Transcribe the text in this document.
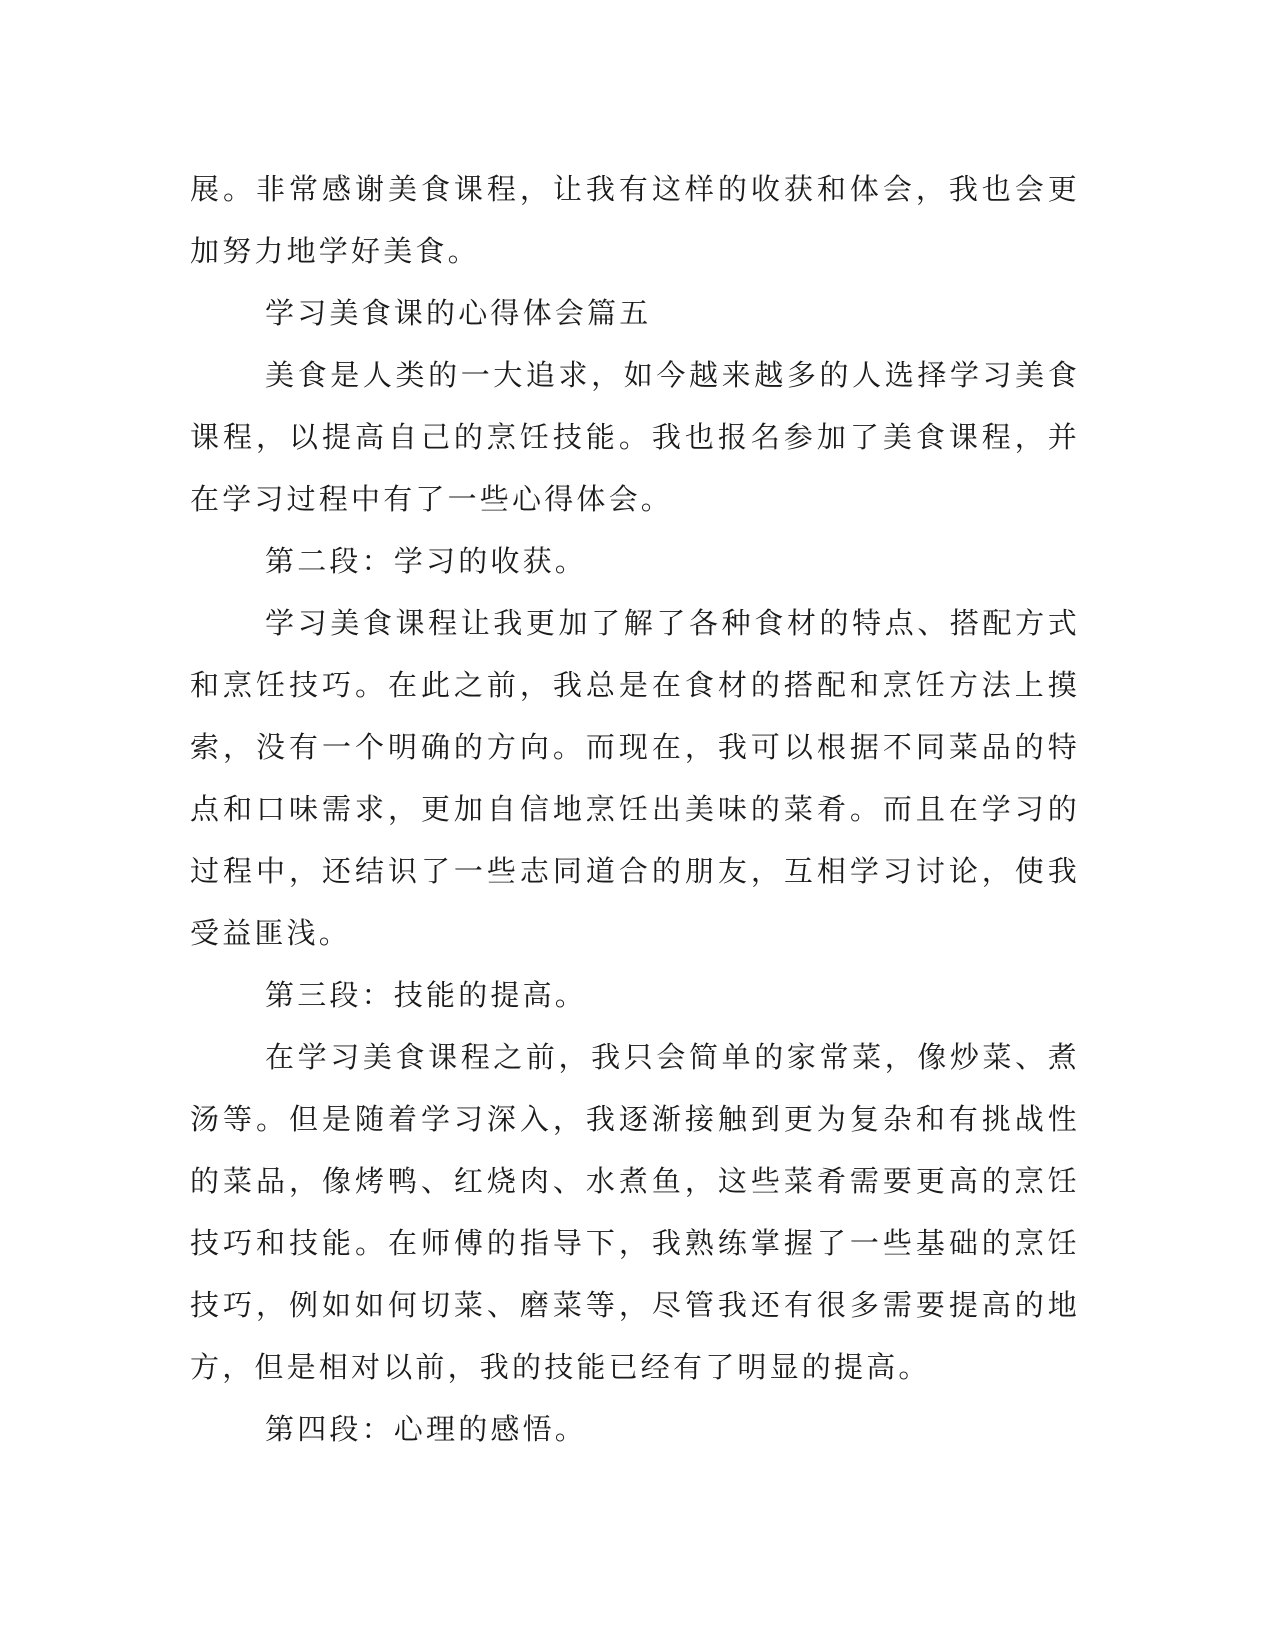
展。非常感谢美食课程，让我有这样的收获和体会，我也会更加努力地学好美食。

学习美食课的心得体会篇五

美食是人类的一大追求，如今越来越多的人选择学习美食课程，以提高自己的烹饪技能。我也报名参加了美食课程，并在学习过程中有了一些心得体会。

第二段：学习的收获。

学习美食课程让我更加了解了各种食材的特点、搭配方式和烹饪技巧。在此之前，我总是在食材的搭配和烹饪方法上摸索，没有一个明确的方向。而现在，我可以根据不同菜品的特点和口味需求，更加自信地烹饪出美味的菜肴。而且在学习的过程中，还结识了一些志同道合的朋友，互相学习讨论，使我受益匪浅。

第三段：技能的提高。

在学习美食课程之前，我只会简单的家常菜，像炒菜、煮汤等。但是随着学习深入，我逐渐接触到更为复杂和有挑战性的菜品，像烤鸭、红烧肉、水煮鱼，这些菜肴需要更高的烹饪技巧和技能。在师傅的指导下，我熟练掌握了一些基础的烹饪技巧，例如如何切菜、磨菜等，尽管我还有很多需要提高的地方，但是相对以前，我的技能已经有了明显的提高。

第四段：心理的感悟。
